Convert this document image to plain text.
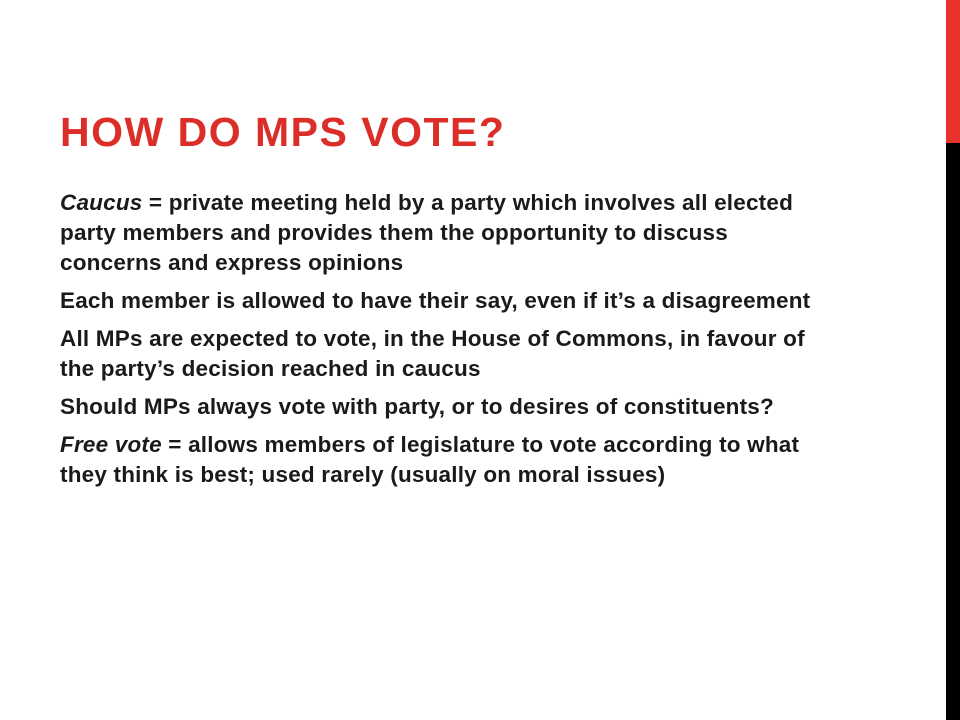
HOW DO MPS VOTE?
Caucus = private meeting held by a party which involves all elected party members and provides them the opportunity to discuss concerns and express opinions
Each member is allowed to have their say, even if it’s a disagreement
All MPs are expected to vote, in the House of Commons, in favour of the party’s decision reached in caucus
Should MPs always vote with party, or to desires of constituents?
Free vote = allows members of legislature to vote according to what they think is best; used rarely (usually on moral issues)
